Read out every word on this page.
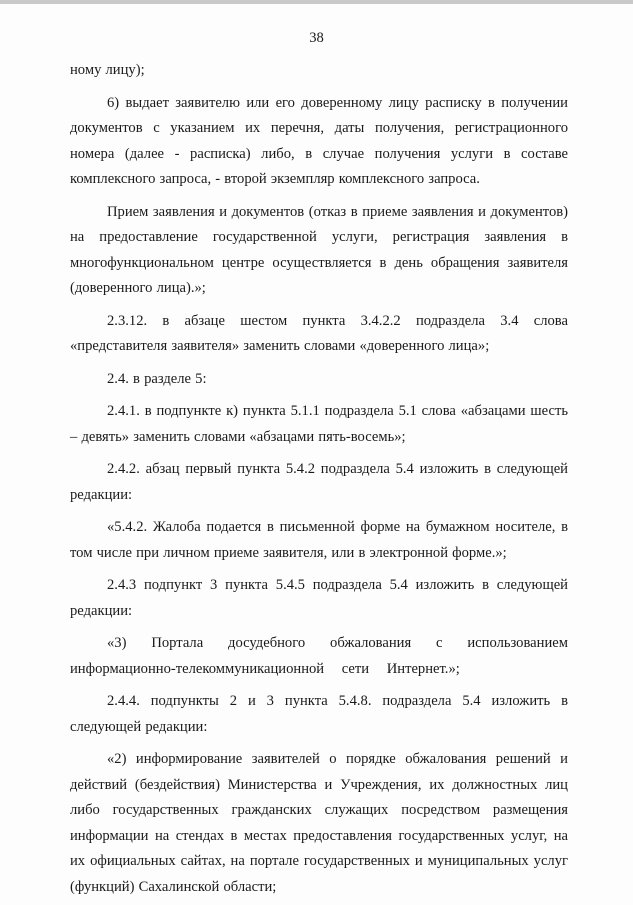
38

ному лицу);

6) выдает заявителю или его доверенному лицу расписку в получении документов с указанием их перечня, даты получения, регистрационного номера (далее - расписка) либо, в случае получения услуги в составе комплексного запроса, - второй экземпляр комплексного запроса.

Прием заявления и документов (отказ в приеме заявления и документов) на предоставление государственной услуги, регистрация заявления в многофункциональном центре осуществляется в день обращения заявителя (доверенного лица).»;

2.3.12. в абзаце шестом пункта 3.4.2.2 подраздела 3.4 слова «представителя заявителя» заменить словами «доверенного лица»;

2.4. в разделе 5:

2.4.1. в подпункте к) пункта 5.1.1 подраздела 5.1 слова «абзацами шесть – девять» заменить словами «абзацами пять-восемь»;

2.4.2. абзац первый пункта 5.4.2 подраздела 5.4 изложить в следующей редакции:

«5.4.2. Жалоба подается в письменной форме на бумажном носителе, в том числе при личном приеме заявителя, или в электронной форме.»;

2.4.3 подпункт 3 пункта 5.4.5 подраздела 5.4 изложить в следующей редакции:

«3) Портала досудебного обжалования с использованием информационно-телекоммуникационной сети Интернет.»;

2.4.4. подпункты 2 и 3 пункта 5.4.8. подраздела 5.4 изложить в следующей редакции:

«2) информирование заявителей о порядке обжалования решений и действий (бездействия) Министерства и Учреждения, их должностных лиц либо государственных гражданских служащих посредством размещения информации на стендах в местах предоставления государственных услуг, на их официальных сайтах, на портале государственных и муниципальных услуг (функций) Сахалинской области;
